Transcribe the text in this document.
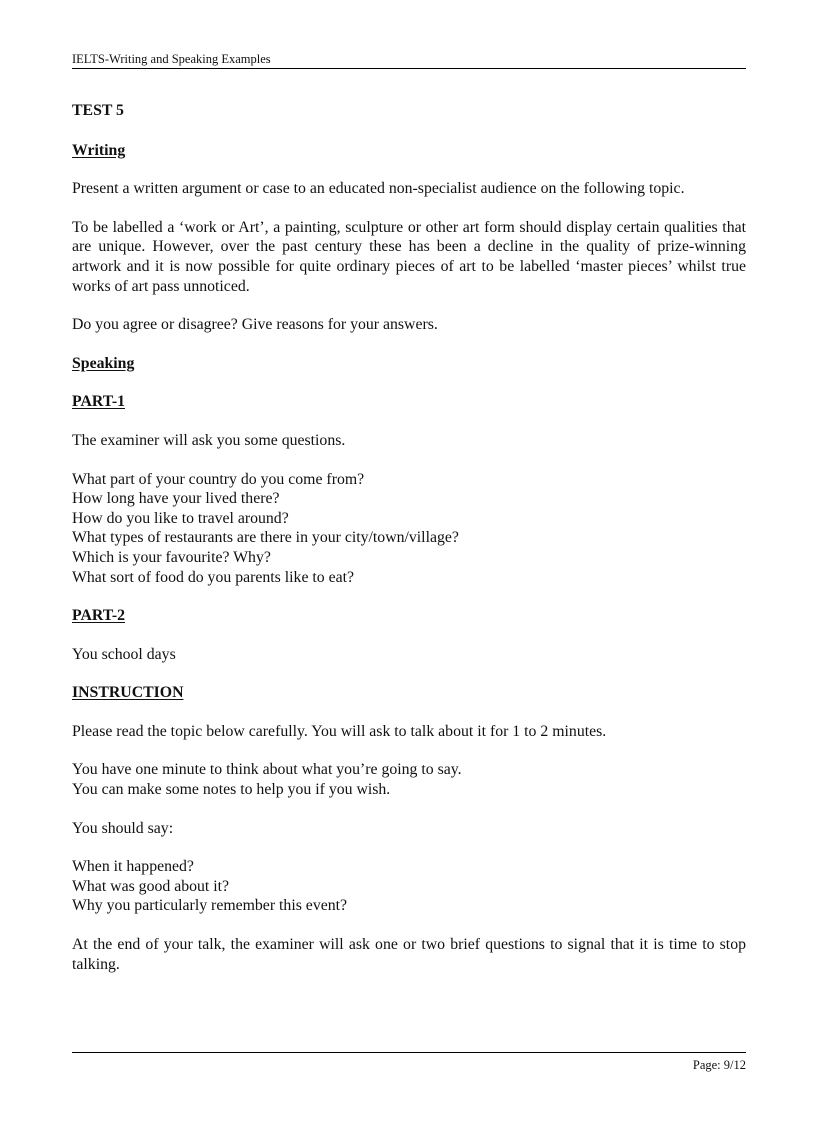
IELTS-Writing and Speaking Examples

TEST 5

Writing

Present a written argument or case to an educated non-specialist audience on the following topic.

To be labelled a ‘work or Art’, a painting, sculpture or other art form should display certain qualities that are unique. However, over the past century these has been a decline in the quality of prize-winning artwork and it is now possible for quite ordinary pieces of art to be labelled ‘master pieces’ whilst true works of art pass unnoticed.

Do you agree or disagree? Give reasons for your answers.

Speaking

PART-1

The examiner will ask you some questions.

What part of your country do you come from?
How long have your lived there?
How do you like to travel around?
What types of restaurants are there in your city/town/village?
Which is your favourite? Why?
What sort of food do you parents like to eat?

PART-2

You school days

INSTRUCTION

Please read the topic below carefully. You will ask to talk about it for 1 to 2 minutes.

You have one minute to think about what you’re going to say.
You can make some notes to help you if you wish.

You should say:

When it happened?
What was good about it?
Why you particularly remember this event?

At the end of your talk, the examiner will ask one or two brief questions to signal that it is time to stop talking.

Page: 9/12
